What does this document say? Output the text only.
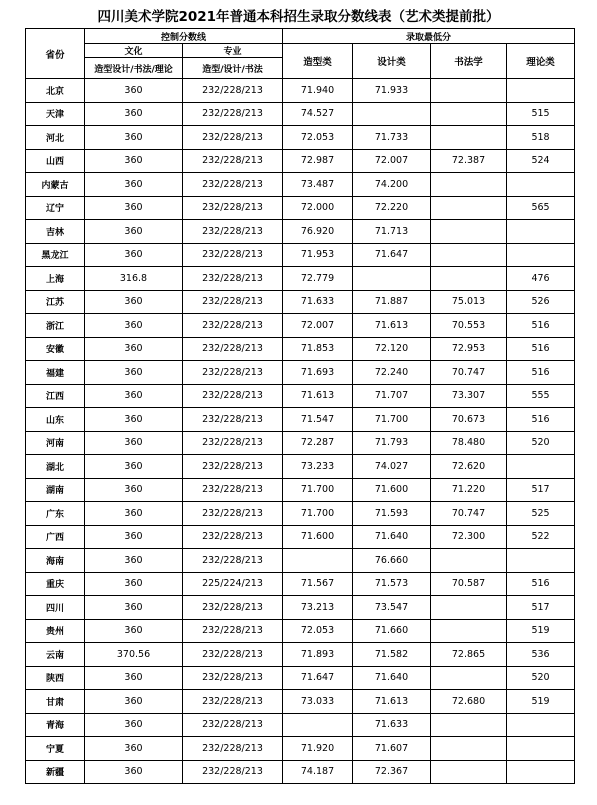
四川美术学院2021年普通本科招生录取分数线表（艺术类提前批）
省份	控制分数线		录取最低分			
	文化	专业	造型类	设计类	书法学	理论类
	造型设计/书法/理论	造型/设计/书法				
北京	360	232/228/213	71.940	71.933		
天津	360	232/228/213	74.527			515
河北	360	232/228/213	72.053	71.733		518
山西	360	232/228/213	72.987	72.007	72.387	524
内蒙古	360	232/228/213	73.487	74.200		
辽宁	360	232/228/213	72.000	72.220		565
吉林	360	232/228/213	76.920	71.713		
黑龙江	360	232/228/213	71.953	71.647		
上海	316.8	232/228/213	72.779			476
江苏	360	232/228/213	71.633	71.887	75.013	526
浙江	360	232/228/213	72.007	71.613	70.553	516
安徽	360	232/228/213	71.853	72.120	72.953	516
福建	360	232/228/213	71.693	72.240	70.747	516
江西	360	232/228/213	71.613	71.707	73.307	555
山东	360	232/228/213	71.547	71.700	70.673	516
河南	360	232/228/213	72.287	71.793	78.480	520
湖北	360	232/228/213	73.233	74.027	72.620	
湖南	360	232/228/213	71.700	71.600	71.220	517
广东	360	232/228/213	71.700	71.593	70.747	525
广西	360	232/228/213	71.600	71.640	72.300	522
海南	360	232/228/213		76.660		
重庆	360	225/224/213	71.567	71.573	70.587	516
四川	360	232/228/213	73.213	73.547		517
贵州	360	232/228/213	72.053	71.660		519
云南	370.56	232/228/213	71.893	71.582	72.865	536
陕西	360	232/228/213	71.647	71.640		520
甘肃	360	232/228/213	73.033	71.613	72.680	519
青海	360	232/228/213		71.633		
宁夏	360	232/228/213	71.920	71.607		
新疆	360	232/228/213	74.187	72.367		
